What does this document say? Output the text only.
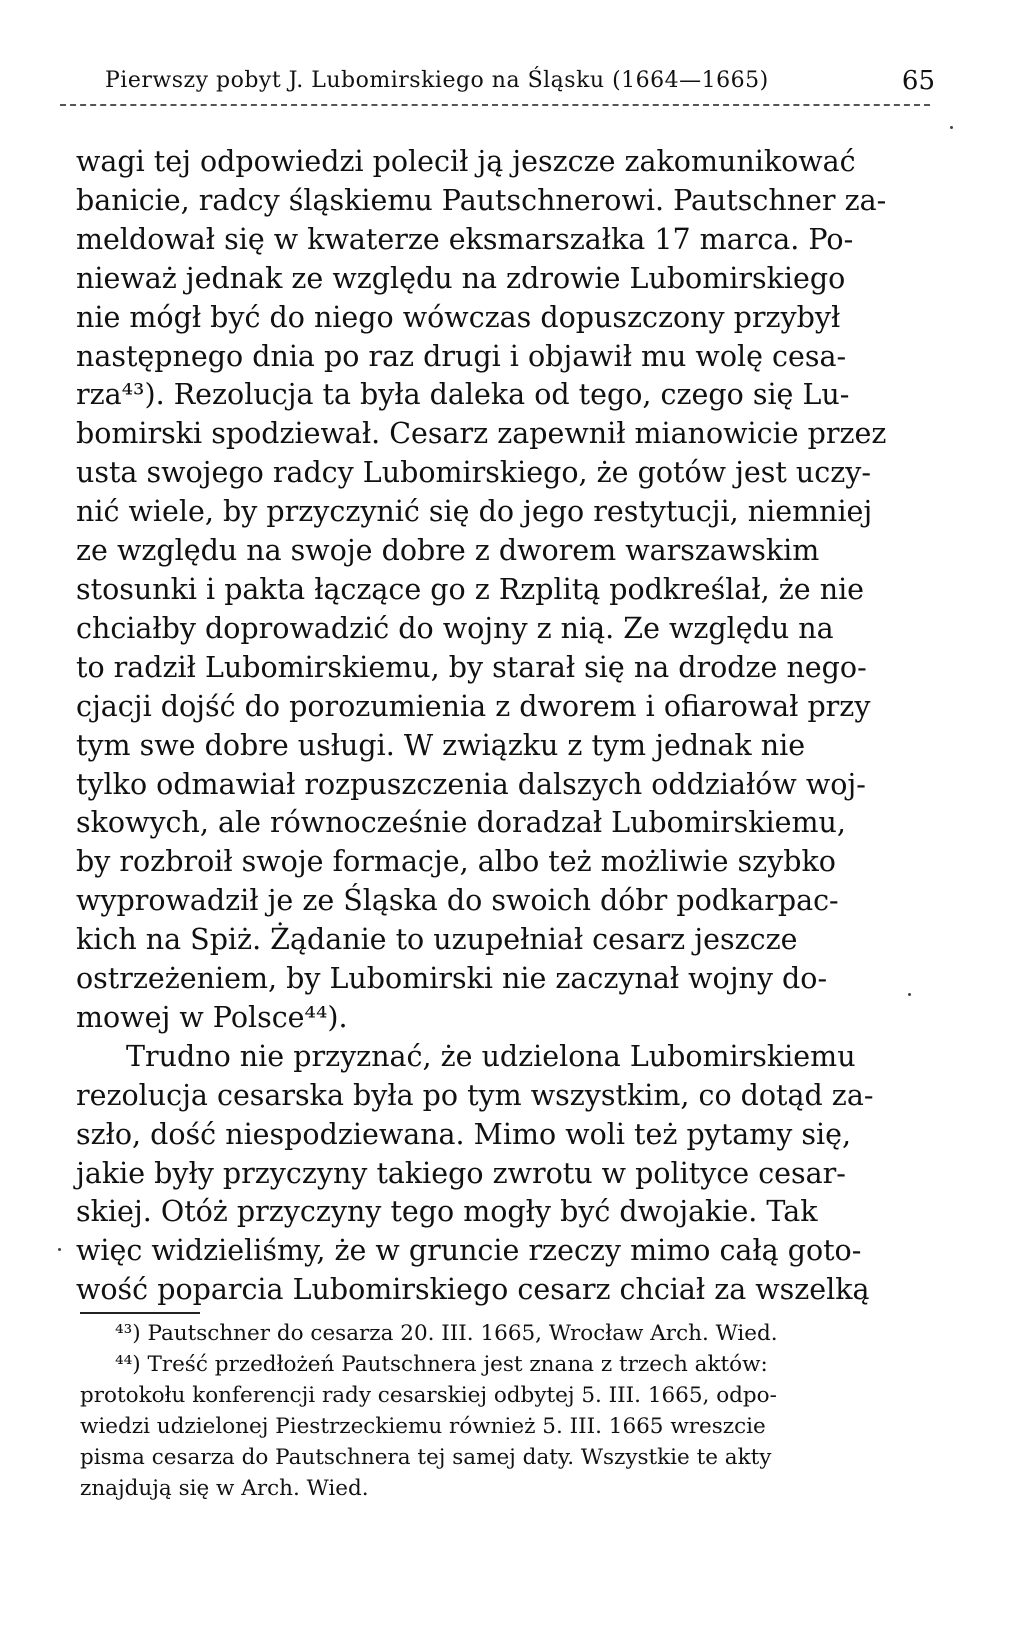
Pierwszy pobyt J. Lubomirskiego na Śląsku (1664—1665)	65

wagi tej odpowiedzi polecił ją jeszcze zakomunikować
banicie, radcy śląskiemu Pautschnerowi. Pautschner za-
meldował się w kwaterze eksmarszałka 17 marca. Po-
nieważ jednak ze względu na zdrowie Lubomirskiego
nie mógł być do niego wówczas dopuszczony przybył
następnego dnia po raz drugi i objawił mu wolę cesa-
rza⁴³). Rezolucja ta była daleka od tego, czego się Lu-
bomirski spodziewał. Cesarz zapewnił mianowicie przez
usta swojego radcy Lubomirskiego, że gotów jest uczy-
nić wiele, by przyczynić się do jego restytucji, niemniej
ze względu na swoje dobre z dworem warszawskim
stosunki i pakta łączące go z Rzplitą podkreślał, że nie
chciałby doprowadzić do wojny z nią. Ze względu na
to radził Lubomirskiemu, by starał się na drodze nego-
cjacji dojść do porozumienia z dworem i ofiarował przy
tym swe dobre usługi. W związku z tym jednak nie
tylko odmawiał rozpuszczenia dalszych oddziałów woj-
skowych, ale równocześnie doradzał Lubomirskiemu,
by rozbroił swoje formacje, albo też możliwie szybko
wyprowadził je ze Śląska do swoich dóbr podkarpac-
kich na Spiż. Żądanie to uzupełniał cesarz jeszcze
ostrzeżeniem, by Lubomirski nie zaczynał wojny do-
mowej w Polsce⁴⁴).

Trudno nie przyznać, że udzielona Lubomirskiemu
rezolucja cesarska była po tym wszystkim, co dotąd za-
szło, dość niespodziewana. Mimo woli też pytamy się,
jakie były przyczyny takiego zwrotu w polityce cesar-
skiej. Otóż przyczyny tego mogły być dwojakie. Tak
więc widzieliśmy, że w gruncie rzeczy mimo całą goto-
wość poparcia Lubomirskiego cesarz chciał za wszelką

⁴³) Pautschner do cesarza 20. III. 1665, Wrocław Arch. Wied.

⁴⁴) Treść przedłożeń Pautschnera jest znana z trzech aktów:
protokołu konferencji rady cesarskiej odbytej 5. III. 1665, odpo-
wiedzi udzielonej Piestrzeckiemu również 5. III. 1665 wreszcie
pisma cesarza do Pautschnera tej samej daty. Wszystkie te akty
znajdują się w Arch. Wied.
